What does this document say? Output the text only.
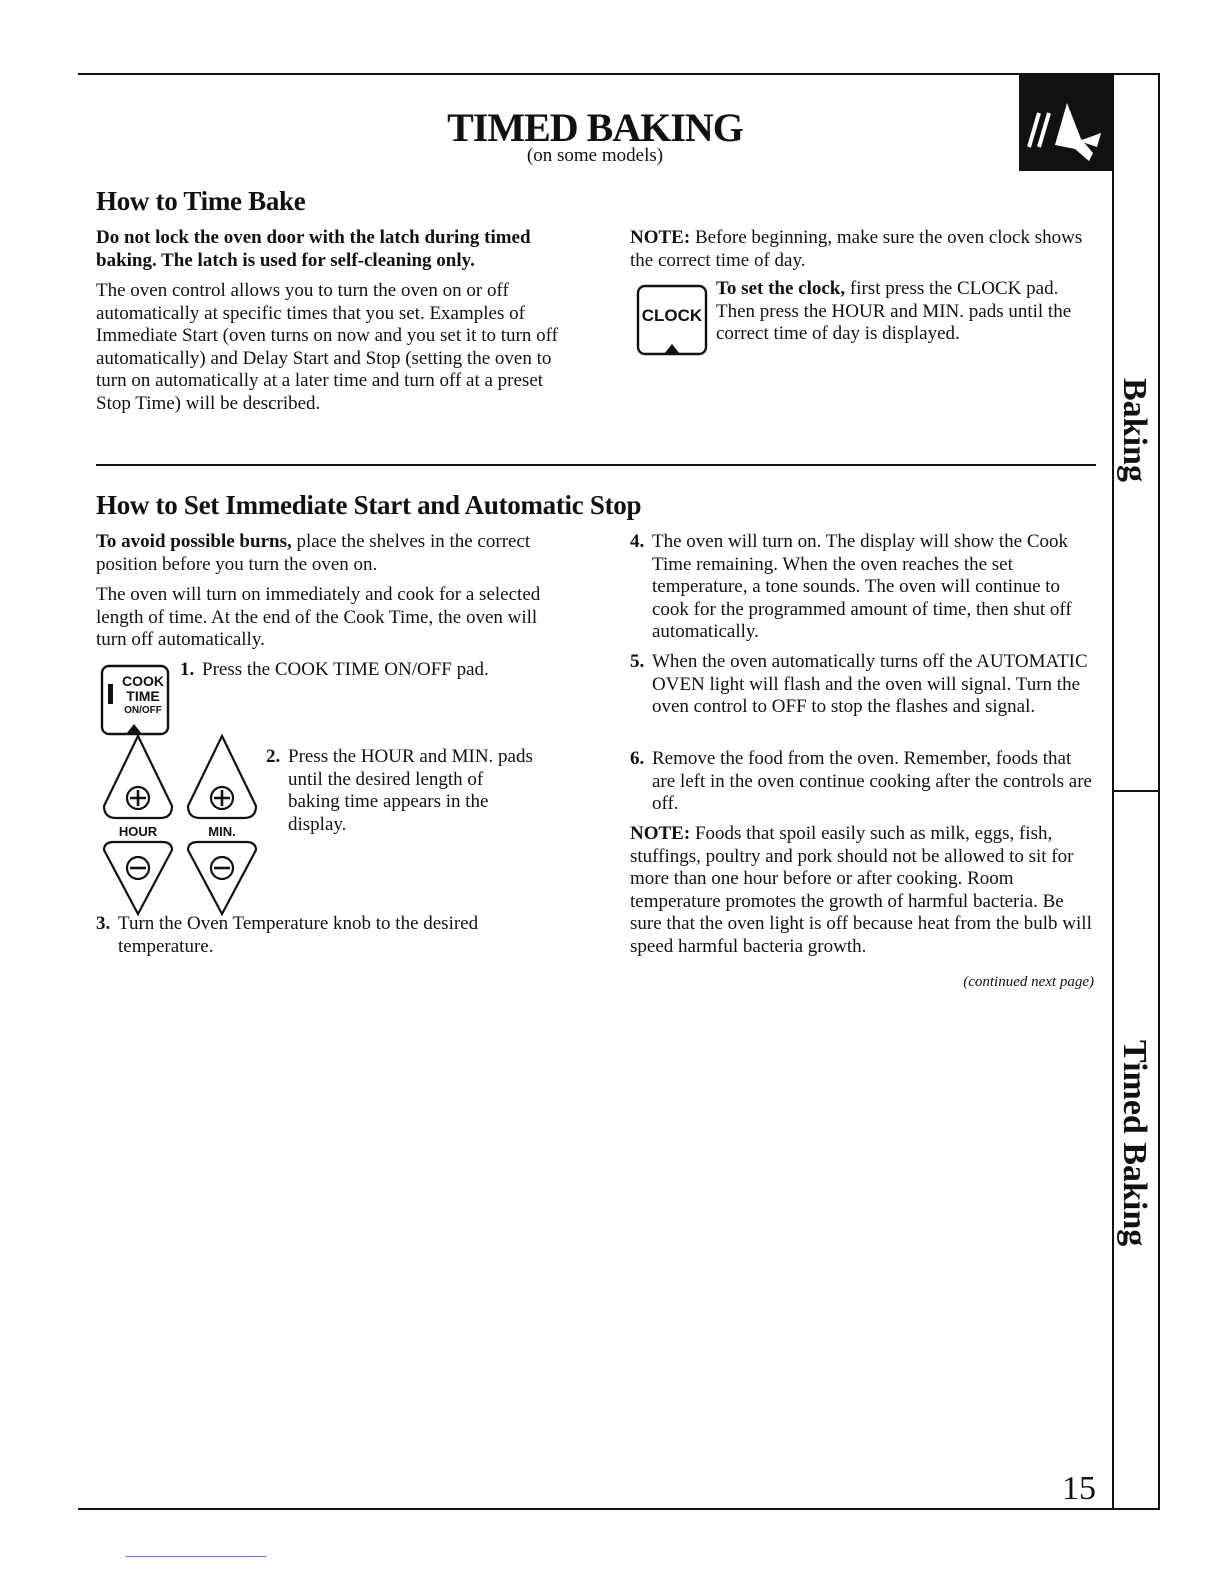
TIMED BAKING
(on some models)
Baking
Timed Baking
How to Time Bake
Do not lock the oven door with the latch during timed baking. The latch is used for self-cleaning only.
The oven control allows you to turn the oven on or off automatically at specific times that you set. Examples of Immediate Start (oven turns on now and you set it to turn off automatically) and Delay Start and Stop (setting the oven to turn on automatically at a later time and turn off at a preset Stop Time) will be described.
NOTE: Before beginning, make sure the oven clock shows the correct time of day.
CLOCK
To set the clock, first press the CLOCK pad. Then press the HOUR and MIN. pads until the correct time of day is displayed.
How to Set Immediate Start and Automatic Stop
To avoid possible burns, place the shelves in the correct position before you turn the oven on.
The oven will turn on immediately and cook for a selected length of time. At the end of the Cook Time, the oven will turn off automatically.
COOK
TIME
ON/OFF
1. Press the COOK TIME ON/OFF pad.
HOUR	MIN.
2. Press the HOUR and MIN. pads until the desired length of baking time appears in the display.
3. Turn the Oven Temperature knob to the desired temperature.
4. The oven will turn on. The display will show the Cook Time remaining. When the oven reaches the set temperature, a tone sounds. The oven will continue to cook for the programmed amount of time, then shut off automatically.
5. When the oven automatically turns off the AUTOMATIC OVEN light will flash and the oven will signal. Turn the oven control to OFF to stop the flashes and signal.
6. Remove the food from the oven. Remember, foods that are left in the oven continue cooking after the controls are off.
NOTE: Foods that spoil easily such as milk, eggs, fish, stuffings, poultry and pork should not be allowed to sit for more than one hour before or after cooking. Room temperature promotes the growth of harmful bacteria. Be sure that the oven light is off because heat from the bulb will speed harmful bacteria growth.
(continued next page)
15
